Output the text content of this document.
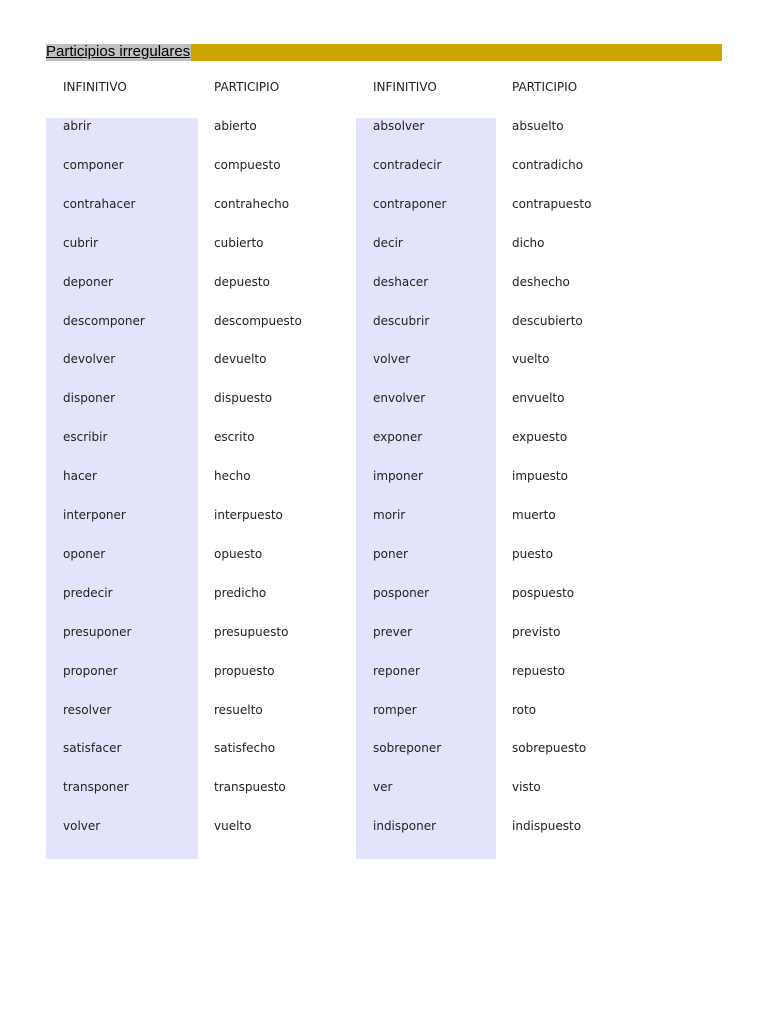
Participios irregulares
INFINITIVO	PARTICIPIO	INFINITIVO	PARTICIPIO
abrir	abierto	absolver	absuelto
componer	compuesto	contradecir	contradicho
contrahacer	contrahecho	contraponer	contrapuesto
cubrir	cubierto	decir	dicho
deponer	depuesto	deshacer	deshecho
descomponer	descompuesto	descubrir	descubierto
devolver	devuelto	volver	vuelto
disponer	dispuesto	envolver	envuelto
escribir	escrito	exponer	expuesto
hacer	hecho	imponer	impuesto
interponer	interpuesto	morir	muerto
oponer	opuesto	poner	puesto
predecir	predicho	posponer	pospuesto
presuponer	presupuesto	prever	previsto
proponer	propuesto	reponer	repuesto
resolver	resuelto	romper	roto
satisfacer	satisfecho	sobreponer	sobrepuesto
transponer	transpuesto	ver	visto
volver	vuelto	indisponer	indispuesto
